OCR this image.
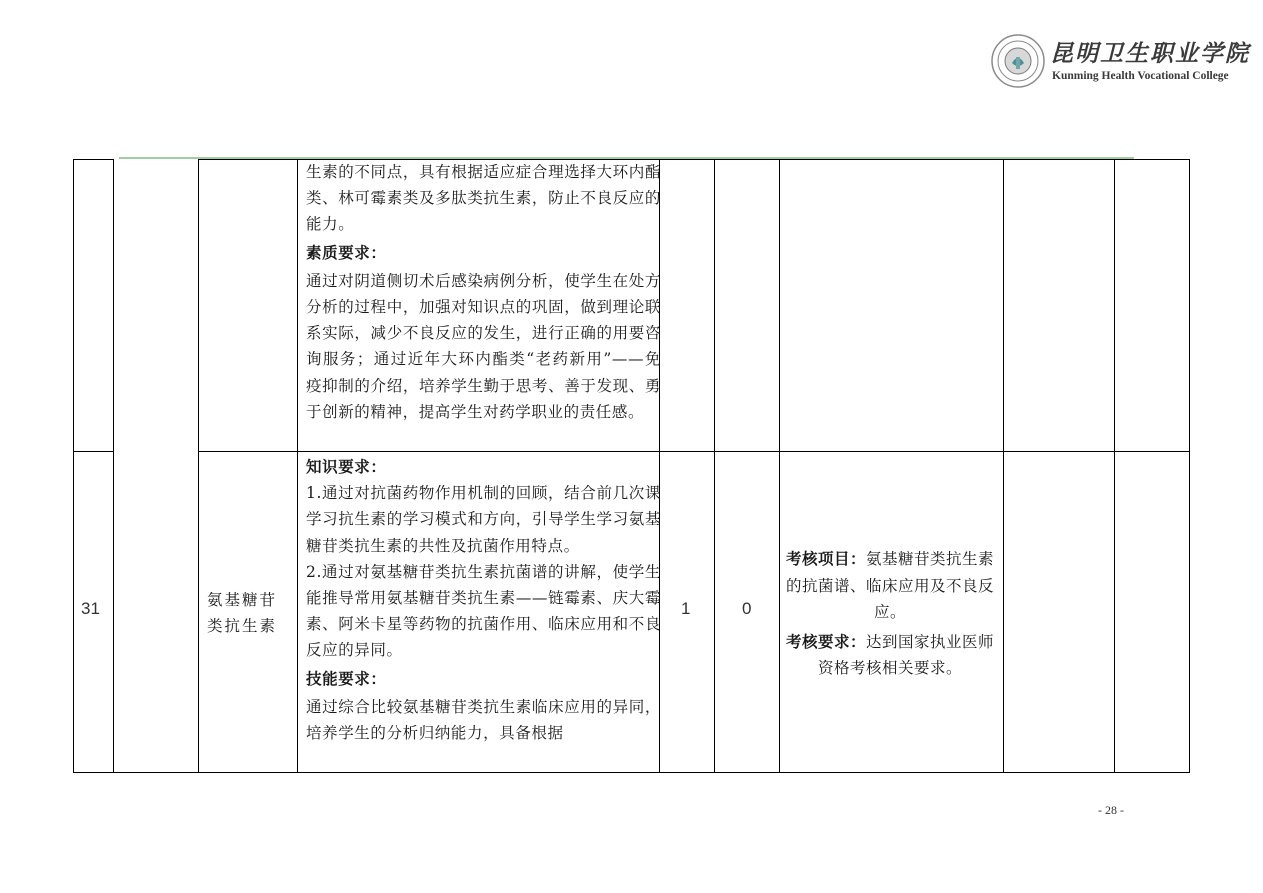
昆明卫生职业学院
Kunming Health Vocational College

生素的不同点，具有根据适应症合理选择大环内酯类、林可霉素类及多肽类抗生素，防止不良反应的能力。

素质要求：

通过对阴道侧切术后感染病例分析，使学生在处方分析的过程中，加强对知识点的巩固，做到理论联系实际，减少不良反应的发生，进行正确的用要咨询服务；通过近年大环内酯类“老药新用”——免疫抑制的介绍，培养学生勤于思考、善于发现、勇于创新的精神，提高学生对药学职业的责任感。

31	氨基糖苷类抗生素

知识要求：

1.通过对抗菌药物作用机制的回顾，结合前几次课学习抗生素的学习模式和方向，引导学生学习氨基糖苷类抗生素的共性及抗菌作用特点。

2.通过对氨基糖苷类抗生素抗菌谱的讲解，使学生能推导常用氨基糖苷类抗生素——链霉素、庆大霉素、阿米卡星等药物的抗菌作用、临床应用和不良反应的异同。

技能要求：

通过综合比较氨基糖苷类抗生素临床应用的异同，培养学生的分析归纳能力，具备根据

1	0
考核项目：氨基糖苷类抗生素的抗菌谱、临床应用及不良反应。
考核要求：达到国家执业医师资格考核相关要求。
- 28 -
